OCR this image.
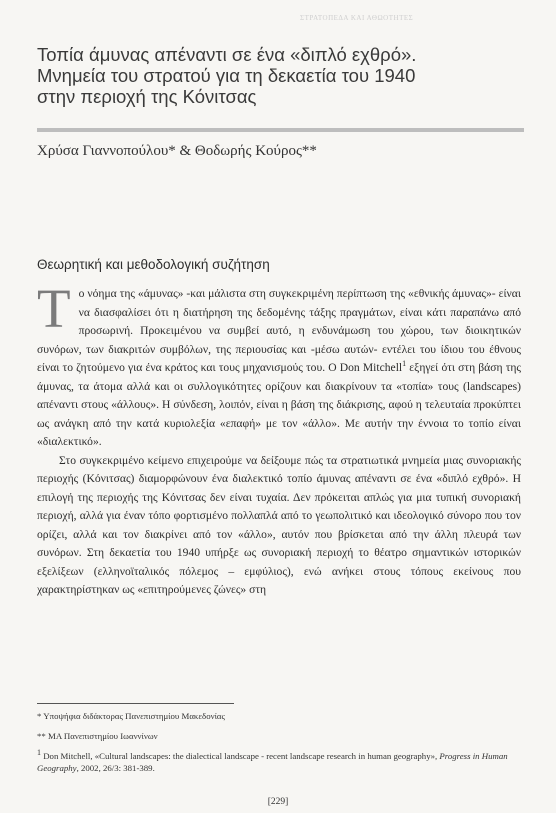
ΣΤΡΑΤΟΠΕΔΑ ΚΑΙ ΑΘΩΟΤΗΤΕΣ
Τοπία άμυνας απέναντι σε ένα «διπλό εχθρό».
Μνημεία του στρατού για τη δεκαετία του 1940
στην περιοχή της Κόνιτσας
Χρύσα Γιαννοπούλου* & Θοδωρής Κούρος**
Θεωρητική και μεθοδολογική συζήτηση

Το νόημα της «άμυνας» -και μάλιστα στη συγκεκριμένη περίπτωση της «εθνικής άμυνας»- είναι να διασφαλίσει ότι η διατήρηση της δεδομένης τάξης πραγμάτων, είναι κάτι παραπάνω από προσωρινή. Προκειμένου να συμβεί αυτό, η ενδυνάμωση του χώρου, των διοικητικών συνόρων, των διακριτών συμβόλων, της περιουσίας και -μέσω αυτών- εντέλει του ίδιου του έθνους είναι το ζητούμενο για ένα κράτος και τους μηχανισμούς του. Ο Don Mitchell$^1$ εξηγεί ότι στη βάση της άμυνας, τα άτομα αλλά και οι συλλογικότητες ορίζουν και διακρίνουν τα «τοπία» τους (landscapes) απέναντι στους «άλλους». Η σύνδεση, λοιπόν, είναι η βάση της διάκρισης, αφού η τελευταία προκύπτει ως ανάγκη από την κατά κυριολεξία «επαφή» με τον «άλλο». Με αυτήν την έννοια το τοπίο είναι «διαλεκτικό».

Στο συγκεκριμένο κείμενο επιχειρούμε να δείξουμε πώς τα στρατιωτικά μνημεία μιας συνοριακής περιοχής (Κόνιτσας) διαμορφώνουν ένα διαλεκτικό τοπίο άμυνας απέναντι σε ένα «διπλό εχθρό». Η επιλογή της περιοχής της Κόνιτσας δεν είναι τυχαία. Δεν πρόκειται απλώς για μια τυπική συνοριακή περιοχή, αλλά για έναν τόπο φορτισμένο πολλαπλά από το γεωπολιτικό και ιδεολογικό σύνορο που τον ορίζει, αλλά και τον διακρίνει από τον «άλλο», αυτόν που βρίσκεται από την άλλη πλευρά των συνόρων. Στη δεκαετία του 1940 υπήρξε ως συνοριακή περιοχή το θέατρο σημαντικών ιστορικών εξελίξεων (ελληνοϊταλικός πόλεμος – εμφύλιος), ενώ ανήκει στους τόπους εκείνους που χαρακτηρίστηκαν ως «επιτηρούμενες ζώνες» στη

* Υποψήφια διδάκτορας Πανεπιστημίου Μακεδονίας

** ΜΑ Πανεπιστημίου Ιωαννίνων

$^1$ Don Mitchell, «Cultural landscapes: the dialectical landscape - recent landscape research in human geography», Progress in Human Geography, 2002, 26/3: 381-389.

[229]
